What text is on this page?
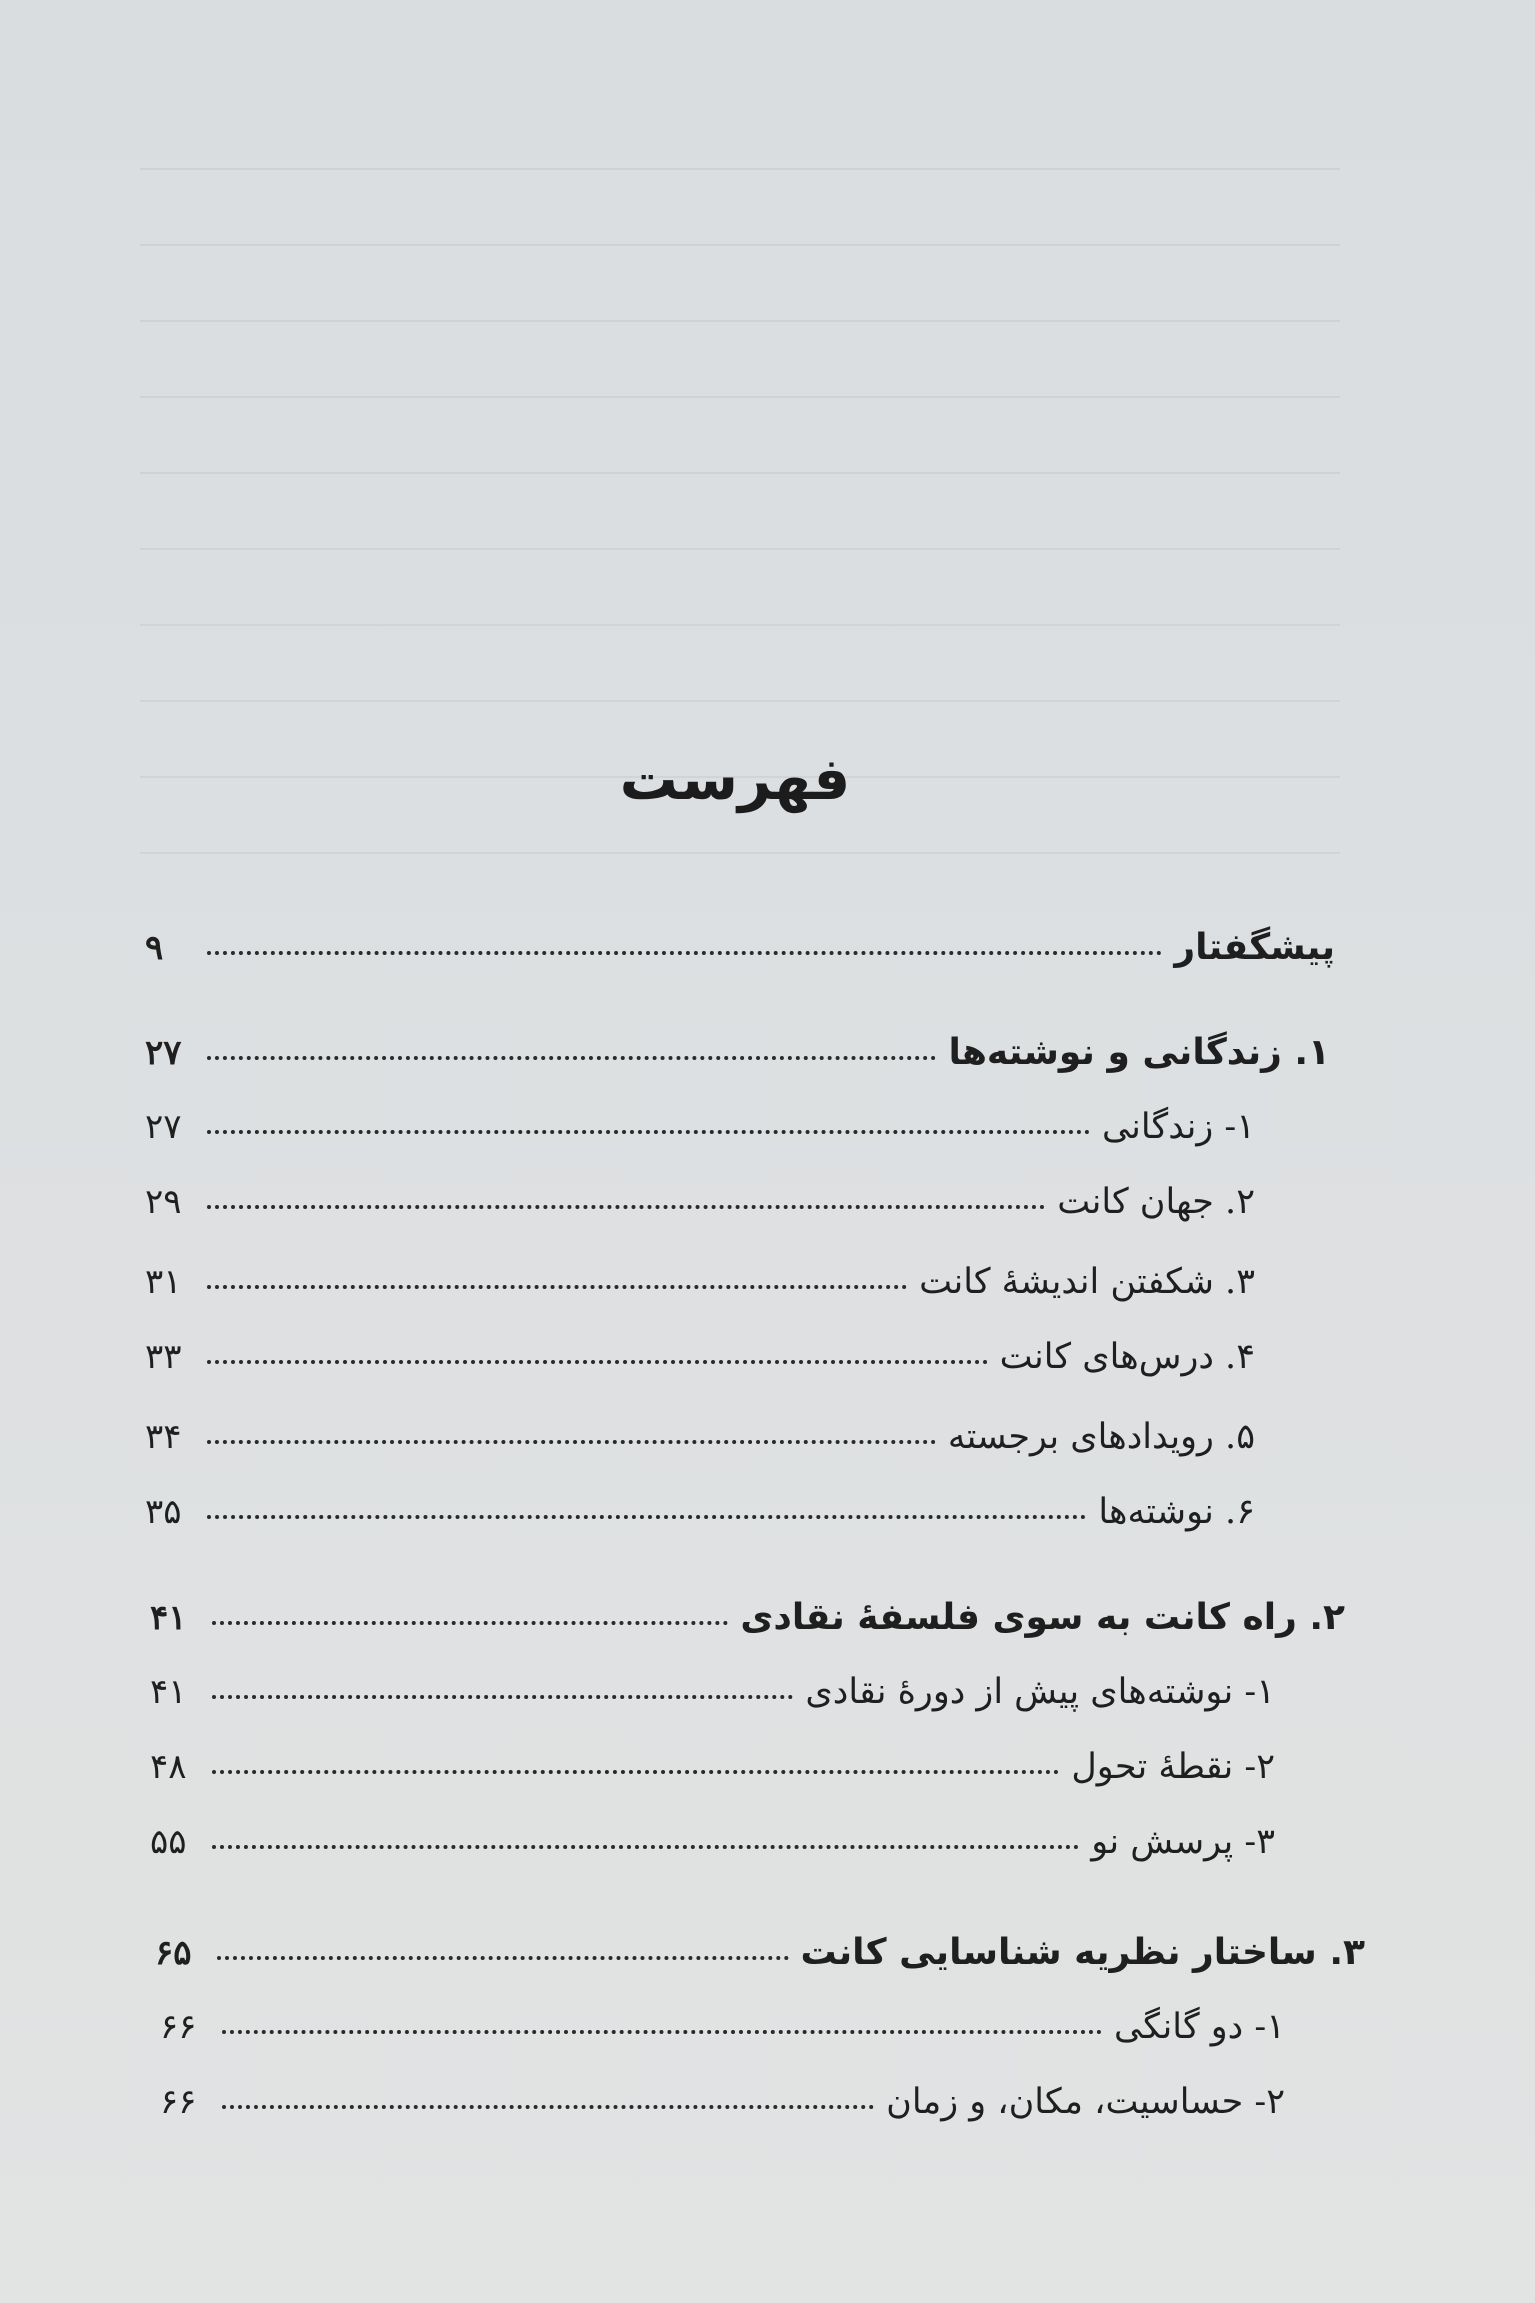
فهرست
پیشگفتار
۹
۱. زندگانی و نوشته‌ها
۲۷
۱- زندگانی
۲۷
۲. جهان کانت
۲۹
۳. شکفتن اندیشهٔ کانت
۳۱
۴. درس‌های کانت
۳۳
۵. رویدادهای برجسته
۳۴
۶. نوشته‌ها
۳۵
۲. راه کانت به سوی فلسفهٔ نقادی
۴۱
۱- نوشته‌های پیش از دورهٔ نقادی
۴۱
۲- نقطهٔ تحول
۴۸
۳- پرسش نو
۵۵
۳. ساختار نظریه شناسایی کانت
۶۵
۱- دو گانگی
۶۶
۲- حساسیت، مکان، و زمان
۶۶
